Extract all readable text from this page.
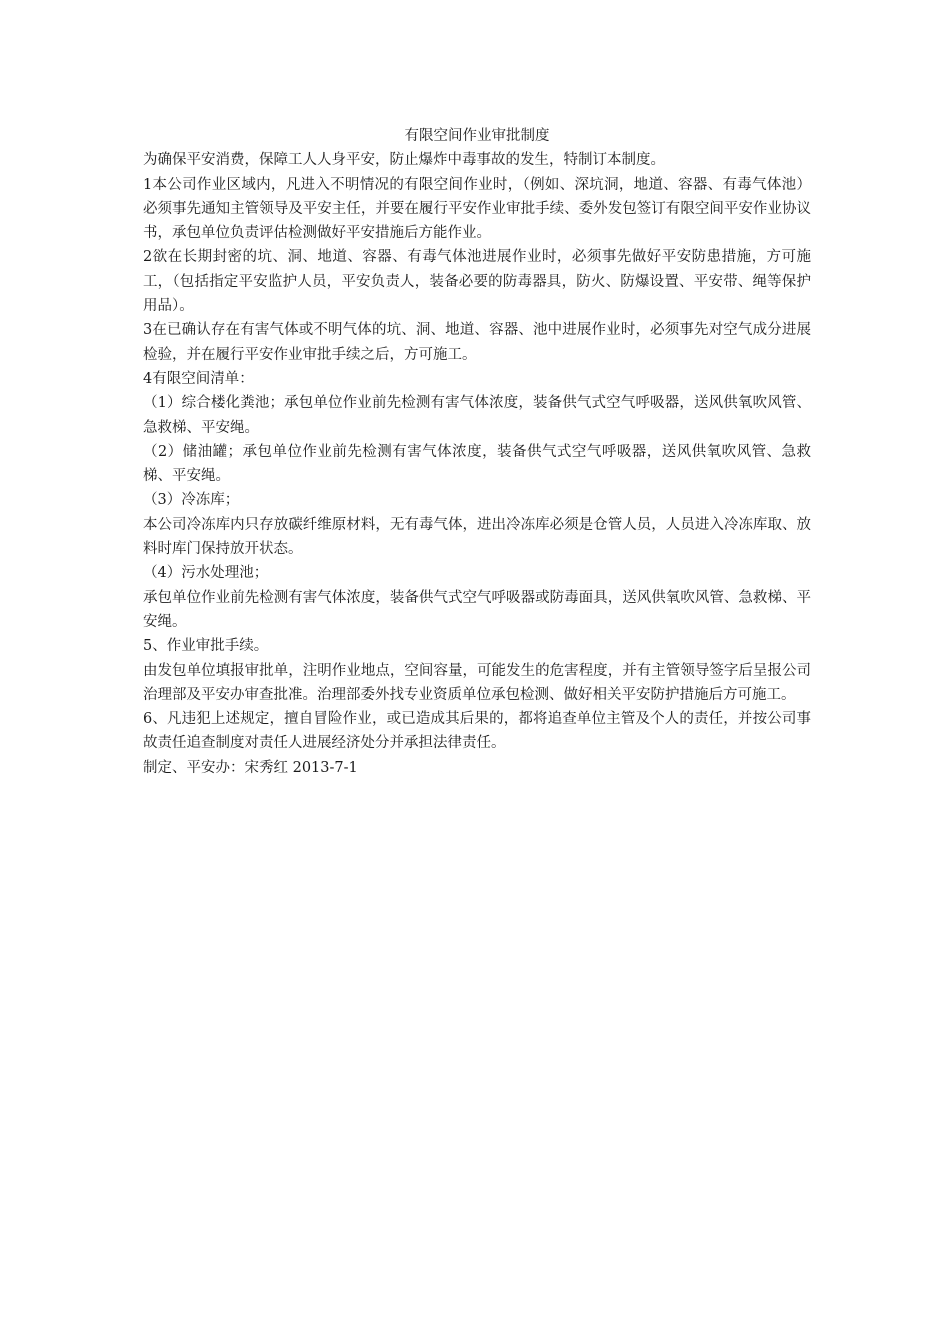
有限空间作业审批制度

为确保平安消费，保障工人人身平安，防止爆炸中毒事故的发生，特制订本制度。

1本公司作业区域内，凡进入不明情况的有限空间作业时，（例如、深坑洞，地道、容器、有毒气体池）必须事先通知主管领导及平安主任，并要在履行平安作业审批手续、委外发包签订有限空间平安作业协议书，承包单位负责评估检测做好平安措施后方能作业。

2欲在长期封密的坑、洞、地道、容器、有毒气体池进展作业时，必须事先做好平安防患措施，方可施工，（包括指定平安监护人员，平安负责人，装备必要的防毒器具，防火、防爆设置、平安带、绳等保护用品）。

3在已确认存在有害气体或不明气体的坑、洞、地道、容器、池中进展作业时，必须事先对空气成分进展检验，并在履行平安作业审批手续之后，方可施工。

4有限空间清单：

（1）综合楼化粪池；承包单位作业前先检测有害气体浓度，装备供气式空气呼吸器，送风供氧吹风管、急救梯、平安绳。

（2）储油罐；承包单位作业前先检测有害气体浓度，装备供气式空气呼吸器，送风供氧吹风管、急救梯、平安绳。

（3）冷冻库；

本公司冷冻库内只存放碳纤维原材料，无有毒气体，进出冷冻库必须是仓管人员，人员进入冷冻库取、放料时库门保持放开状态。

（4）污水处理池；

承包单位作业前先检测有害气体浓度，装备供气式空气呼吸器或防毒面具，送风供氧吹风管、急救梯、平安绳。

5、作业审批手续。

由发包单位填报审批单，注明作业地点，空间容量，可能发生的危害程度，并有主管领导签字后呈报公司治理部及平安办审查批准。治理部委外找专业资质单位承包检测、做好相关平安防护措施后方可施工。

6、凡违犯上述规定，擅自冒险作业，或已造成其后果的，都将追查单位主管及个人的责任，并按公司事故责任追查制度对责任人进展经济处分并承担法律责任。

制定、平安办：宋秀红 2013-7-1
